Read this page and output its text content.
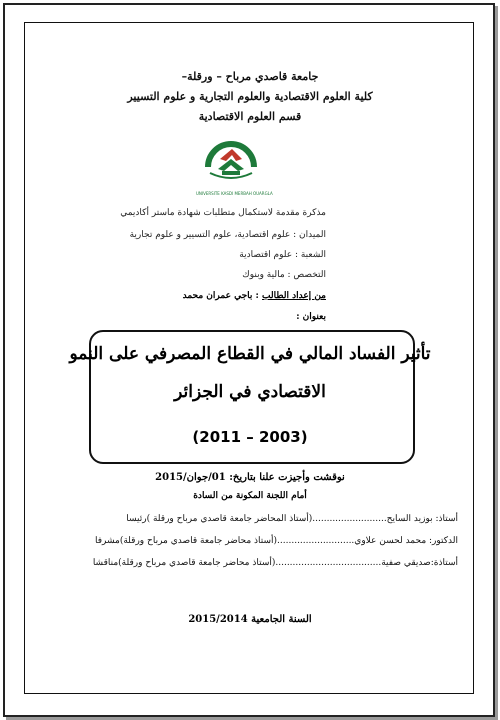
جامعة قاصدي مرباح – ورقلة–
كلية العلوم الاقتصادية والعلوم التجارية و علوم التسيير
قسم العلوم الاقتصادية
UNIVERSITE KASDI MERBAH OUARGLA
مذكرة مقدمة لاستكمال متطلبات شهادة ماستر أكاديمي
الميدان : علوم اقتصادية، علوم التسيير و علوم تجارية
الشعبة : علوم اقتصادية
التخصص : مالية وبنوك
من إعداد الطالب : باجي عمران محمد
بعنوان :
تأثير الفساد المالي في القطاع المصرفي على النمو
الاقتصادي في الجزائر
(2011 – 2003)
نوقشت وأجيزت علنا بتاريخ: 01/جوان/2015
أمام اللجنة المكونة من السادة
أستاذ: بوزيد السايح..........................(أستاذ المحاضر جامعة قاصدي مرباح ورقلة )رئيسا
الدكتور: محمد لحسن علاوي...........................(أستاذ محاضر جامعة قاصدي مرباح ورقلة)مشرفا
أستاذة:صديقي صفية.....................................(أستاذ محاضر جامعة قاصدي مرباح ورقلة)مناقشا
السنة الجامعية 2015/2014
